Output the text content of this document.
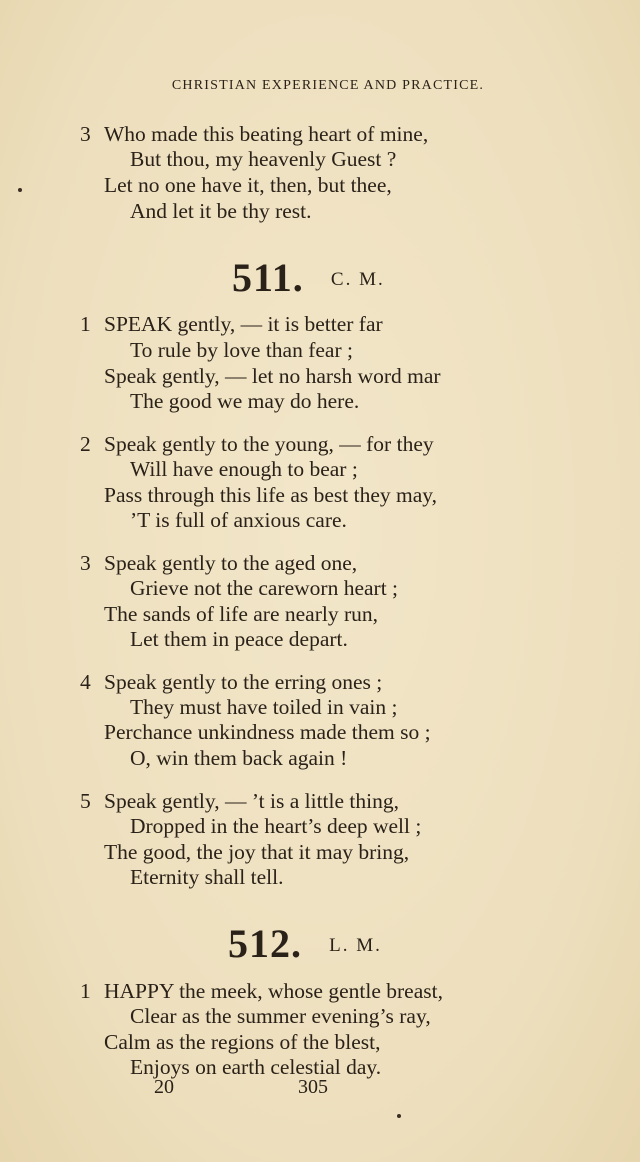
CHRISTIAN EXPERIENCE AND PRACTICE.
3 Who made this beating heart of mine,
But thou, my heavenly Guest ?
Let no one have it, then, but thee,
And let it be thy rest.
511. C. M.
1 SPEAK gently, — it is better far
To rule by love than fear ;
Speak gently, — let no harsh word mar
The good we may do here.
2 Speak gently to the young, — for they
Will have enough to bear ;
Pass through this life as best they may,
’T is full of anxious care.
3 Speak gently to the aged one,
Grieve not the careworn heart ;
The sands of life are nearly run,
Let them in peace depart.
4 Speak gently to the erring ones ;
They must have toiled in vain ;
Perchance unkindness made them so ;
O, win them back again !
5 Speak gently, — ’t is a little thing,
Dropped in the heart’s deep well ;
The good, the joy that it may bring,
Eternity shall tell.
512. L. M.
1 HAPPY the meek, whose gentle breast,
Clear as the summer evening’s ray,
Calm as the regions of the blest,
Enjoys on earth celestial day.
20	305
